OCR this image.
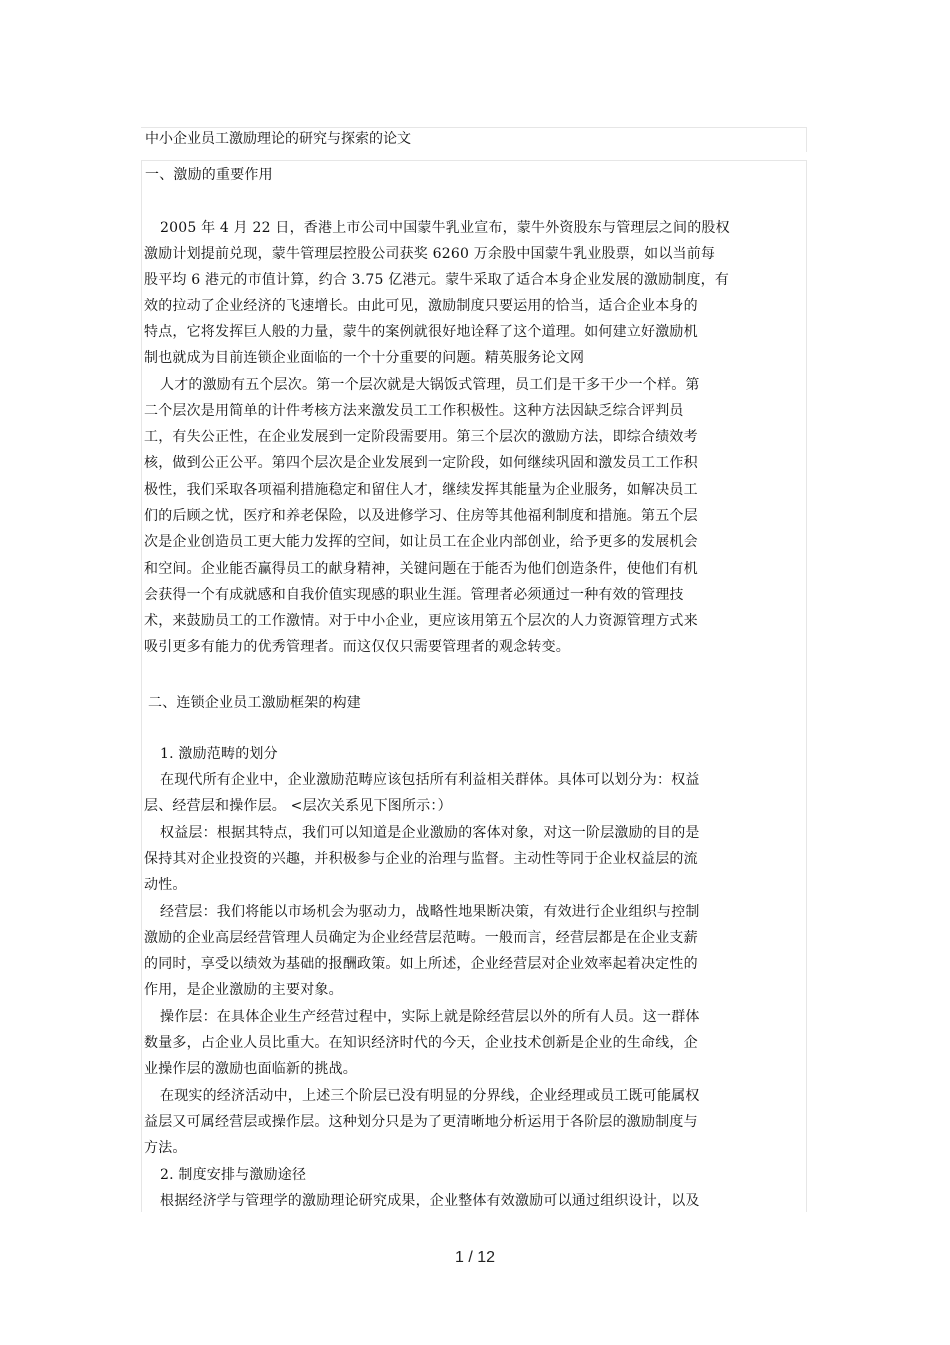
中小企业员工激励理论的研究与探索的论文
一、激励的重要作用
2005 年 4 月 22 日，香港上市公司中国蒙牛乳业宣布，蒙牛外资股东与管理层之间的股权
激励计划提前兑现，蒙牛管理层控股公司获奖 6260 万余股中国蒙牛乳业股票，如以当前每
股平均 6 港元的市值计算，约合 3.75 亿港元。蒙牛采取了适合本身企业发展的激励制度，有
效的拉动了企业经济的飞速增长。由此可见，激励制度只要运用的恰当，适合企业本身的
特点，它将发挥巨人般的力量，蒙牛的案例就很好地诠释了这个道理。如何建立好激励机
制也就成为目前连锁企业面临的一个十分重要的问题。精英服务论文网
人才的激励有五个层次。第一个层次就是大锅饭式管理，员工们是干多干少一个样。第
二个层次是用简单的计件考核方法来激发员工工作积极性。这种方法因缺乏综合评判员
工，有失公正性，在企业发展到一定阶段需要用。第三个层次的激励方法，即综合绩效考
核，做到公正公平。第四个层次是企业发展到一定阶段，如何继续巩固和激发员工工作积
极性，我们采取各项福利措施稳定和留住人才，继续发挥其能量为企业服务，如解决员工
们的后顾之忧，医疗和养老保险，以及进修学习、住房等其他福利制度和措施。第五个层
次是企业创造员工更大能力发挥的空间，如让员工在企业内部创业，给予更多的发展机会
和空间。企业能否赢得员工的献身精神，关键问题在于能否为他们创造条件，使他们有机
会获得一个有成就感和自我价值实现感的职业生涯。管理者必须通过一种有效的管理技
术，来鼓励员工的工作激情。对于中小企业，更应该用第五个层次的人力资源管理方式来
吸引更多有能力的优秀管理者。而这仅仅只需要管理者的观念转变。
二、连锁企业员工激励框架的构建
1. 激励范畴的划分
在现代所有企业中，企业激励范畴应该包括所有利益相关群体。具体可以划分为：权益
层、经营层和操作层。 <层次关系见下图所示：）
权益层：根据其特点，我们可以知道是企业激励的客体对象，对这一阶层激励的目的是
保持其对企业投资的兴趣，并积极参与企业的治理与监督。主动性等同于企业权益层的流
动性。
经营层：我们将能以市场机会为驱动力，战略性地果断决策，有效进行企业组织与控制
激励的企业高层经营管理人员确定为企业经营层范畴。一般而言，经营层都是在企业支薪
的同时，享受以绩效为基础的报酬政策。如上所述，企业经营层对企业效率起着决定性的
作用，是企业激励的主要对象。
操作层：在具体企业生产经营过程中，实际上就是除经营层以外的所有人员。这一群体
数量多，占企业人员比重大。在知识经济时代的今天，企业技术创新是企业的生命线，企
业操作层的激励也面临新的挑战。
在现实的经济活动中，上述三个阶层已没有明显的分界线，企业经理或员工既可能属权
益层又可属经营层或操作层。这种划分只是为了更清晰地分析运用于各阶层的激励制度与
方法。
2. 制度安排与激励途径
根据经济学与管理学的激励理论研究成果，企业整体有效激励可以通过组织设计，以及
1 / 12
